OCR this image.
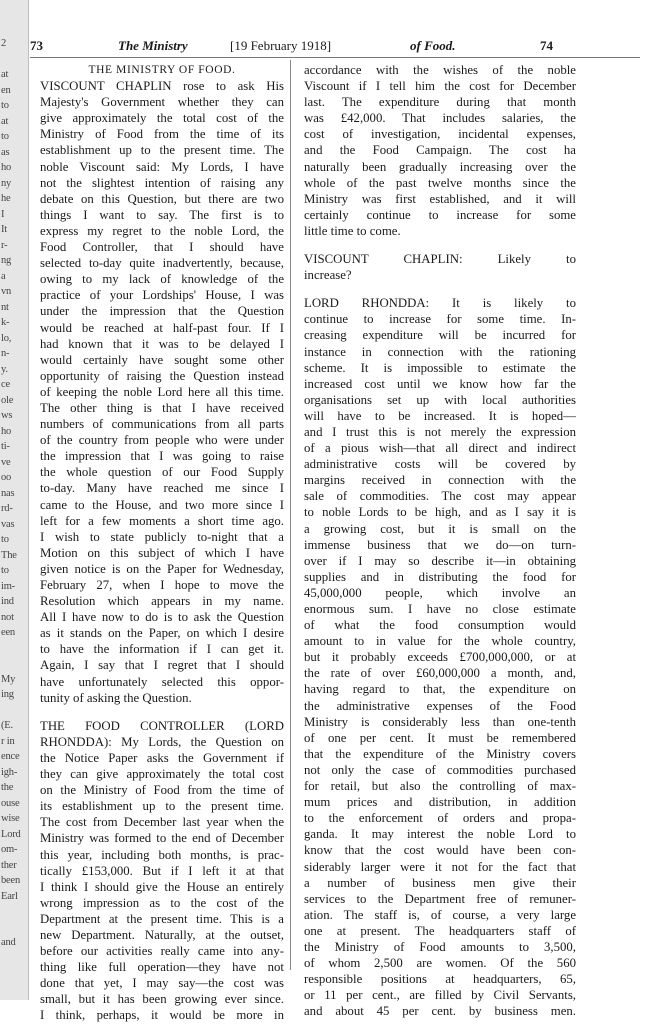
2
at
en
to
at
to
as
ho
ny
he
I
It
r-
ng
a
vn
nt
k-
lo,
n-
y.
ce
ole
ws
ho
ti-
ve
oo
nas
rd-
vas
to
The
to
im-
ind
not
een
My
ing
(E.
r in
ence
igh-
the
ouse
wise
Lord
om-
ther
been
Earl
and
73	The Ministry	[19 February 1918]	of Food.	74
THE MINISTRY OF FOOD.
VISCOUNT CHAPLIN rose to ask His
Majesty's Government whether they can
give approximately the total cost of the
Ministry of Food from the time of its
establishment up to the present time. The
noble Viscount said: My Lords, I have
not the slightest intention of raising any
debate on this Question, but there are two
things I want to say. The first is to
express my regret to the noble Lord, the
Food Controller, that I should have
selected to-day quite inadvertently, because,
owing to my lack of knowledge of the
practice of your Lordships' House, I was
under the impression that the Question
would be reached at half-past four. If I
had known that it was to be delayed I
would certainly have sought some other
opportunity of raising the Question instead
of keeping the noble Lord here all this time.
The other thing is that I have received
numbers of communications from all parts
of the country from people who were under
the impression that I was going to raise
the whole question of our Food Supply
to-day. Many have reached me since I
came to the House, and two more since I
left for a few moments a short time ago.
I wish to state publicly to-night that a
Motion on this subject of which I have
given notice is on the Paper for Wednesday,
February 27, when I hope to move the
Resolution which appears in my name.
All I have now to do is to ask the Question
as it stands on the Paper, on which I desire
to have the information if I can get it.
Again, I say that I regret that I should
have unfortunately selected this oppor-
tunity of asking the Question.
THE FOOD CONTROLLER (LORD
RHONDDA): My Lords, the Question on
the Notice Paper asks the Government if
they can give approximately the total cost
on the Ministry of Food from the time of
its establishment up to the present time.
The cost from December last year when the
Ministry was formed to the end of December
this year, including both months, is prac-
tically £153,000. But if I left it at that
I think I should give the House an entirely
wrong impression as to the cost of the
Department at the present time. This is a
new Department. Naturally, at the outset,
before our activities really came into any-
thing like full operation—they have not
done that yet, I may say—the cost was
small, but it has been growing ever since.
I think, perhaps, it would be more in
accordance with the wishes of the noble
Viscount if I tell him the cost for December
last. The expenditure during that month
was £42,000. That includes salaries, the
cost of investigation, incidental expenses,
and the Food Campaign. The cost ha
naturally been gradually increasing over the
whole of the past twelve months since the
Ministry was first established, and it will
certainly continue to increase for some
little time to come.
VISCOUNT CHAPLIN: Likely to
increase?
LORD RHONDDA: It is likely to
continue to increase for some time. In-
creasing expenditure will be incurred for
instance in connection with the rationing
scheme. It is impossible to estimate the
increased cost until we know how far the
organisations set up with local authorities
will have to be increased. It is hoped—
and I trust this is not merely the expression
of a pious wish—that all direct and indirect
administrative costs will be covered by
margins received in connection with the
sale of commodities. The cost may appear
to noble Lords to be high, and as I say it is
a growing cost, but it is small on the
immense business that we do—on turn-
over if I may so describe it—in obtaining
supplies and in distributing the food for
45,000,000 people, which involve an
enormous sum. I have no close estimate
of what the food consumption would
amount to in value for the whole country,
but it probably exceeds £700,000,000, or at
the rate of over £60,000,000 a month, and,
having regard to that, the expenditure on
the administrative expenses of the Food
Ministry is considerably less than one-tenth
of one per cent. It must be remembered
that the expenditure of the Ministry covers
not only the case of commodities purchased
for retail, but also the controlling of max-
mum prices and distribution, in addition
to the enforcement of orders and propa-
ganda. It may interest the noble Lord to
know that the cost would have been con-
siderably larger were it not for the fact that
a number of business men give their
services to the Department free of remuner-
ation. The staff is, of course, a very large
one at present. The headquarters staff of
the Ministry of Food amounts to 3,500,
of whom 2,500 are women. Of the 560
responsible positions at headquarters, 65,
or 11 per cent., are filled by Civil Servants,
and about 45 per cent. by business men.
